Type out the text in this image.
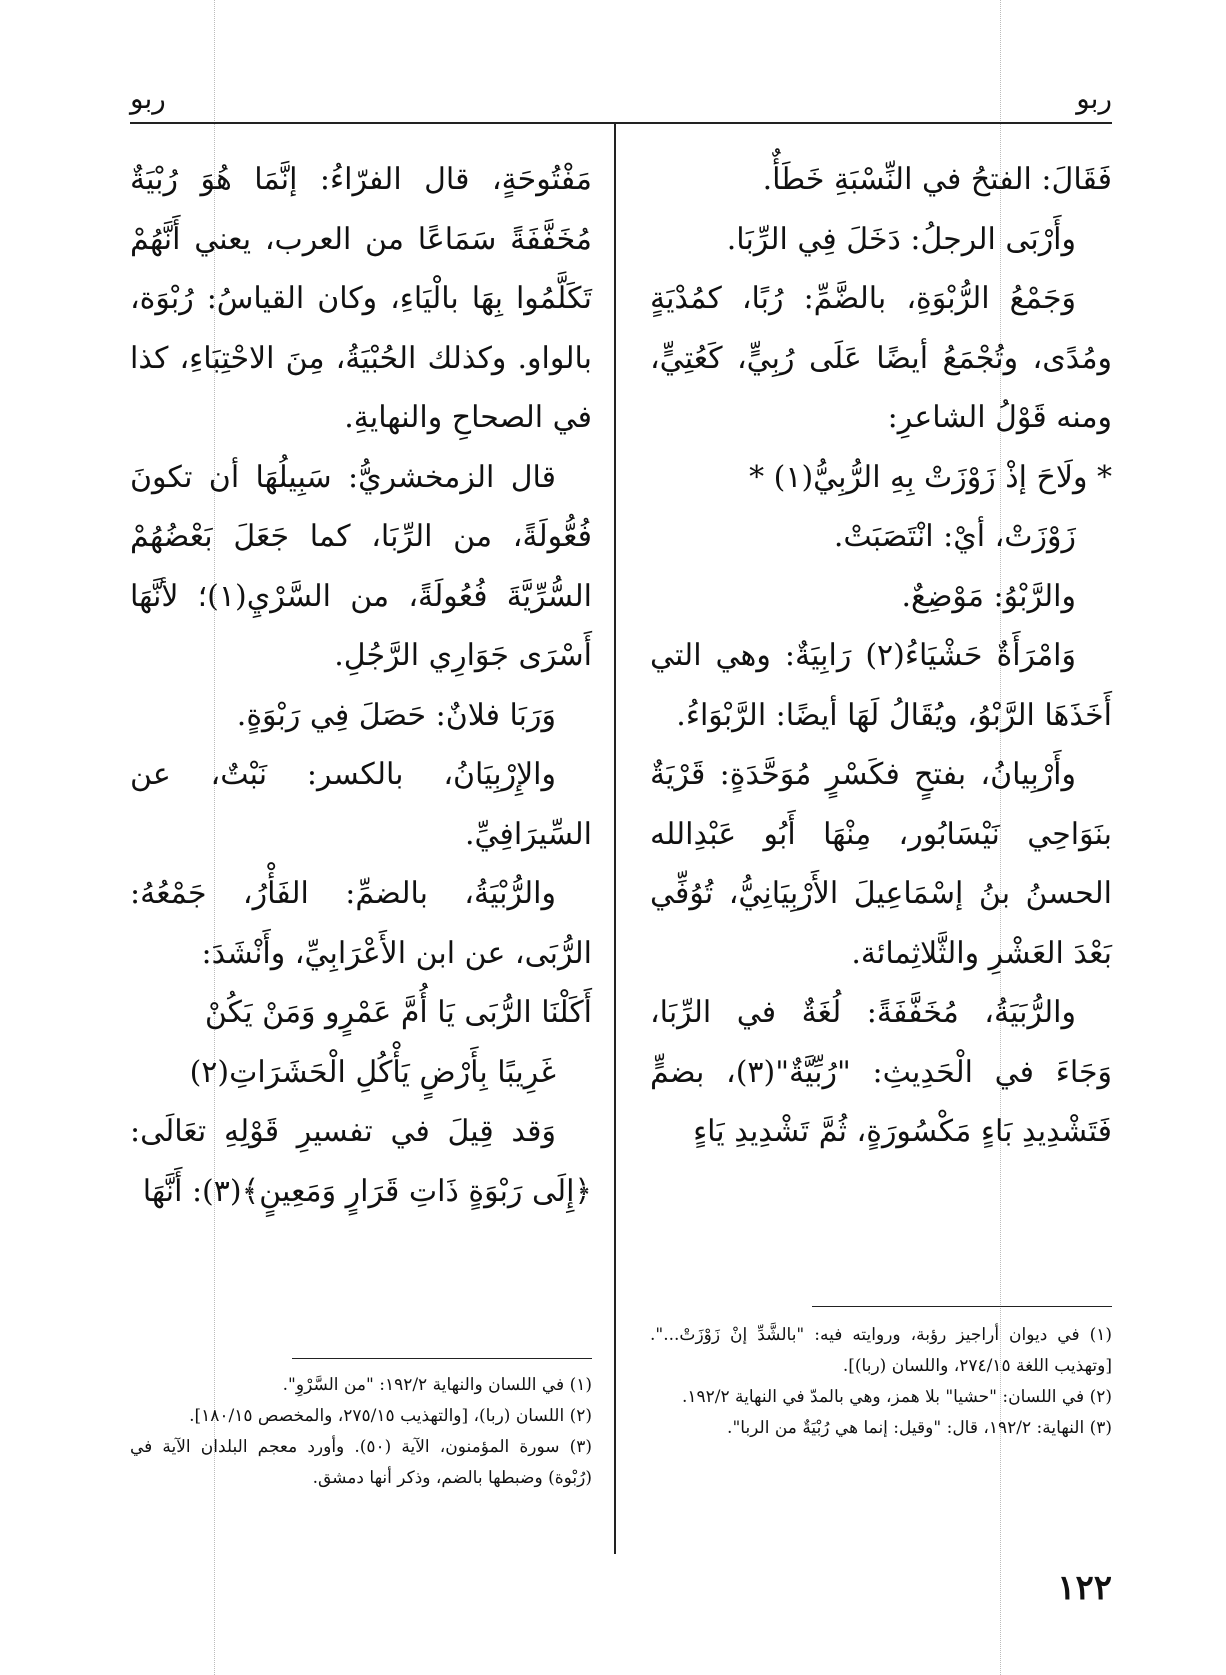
ربو
ربو

فَقَالَ: الفتحُ في النِّسْبَةِ خَطَأٌ.

وأَرْبَى الرجلُ: دَخَلَ فِي الرِّبَا.

وَجَمْعُ الرُّبْوَةِ، بالضَّمِّ: رُبًا، كمُدْيَةٍ ومُدًى، وتُجْمَعُ أيضًا عَلَى رُبِيٍّ، كَعُتِيٍّ، ومنه قَوْلُ الشاعرِ:

* ولَاحَ إذْ زَوْزَتْ بِهِ الرُّبِيُّ(١) *

زَوْزَتْ، أيْ: انْتَصَبَتْ.

والرَّبْوُ: مَوْضِعٌ.

وَامْرَأَةٌ حَشْيَاءُ(٢) رَابِيَةٌ: وهي التي أَخَذَهَا الرَّبْوُ، ويُقَالُ لَهَا أيضًا: الرَّبْوَاءُ.

وأَرْبِيانُ، بفتحٍ فكَسْرٍ مُوَحَّدَةٍ: قَرْيَةٌ بنَوَاحِي نَيْسَابُور، مِنْهَا أَبُو عَبْدِالله الحسنُ بنُ إسْمَاعِيلَ الأَرْبِيَانِيُّ، تُوُفِّي بَعْدَ العَشْرِ والثَّلاثِمائة.

والرُّبَيَةُ، مُخَفَّفَةً: لُغَةٌ في الرِّبَا، وَجَاءَ في الْحَدِيثِ: "رُبِّيَّةٌ"(٣)، بضمٍّ فَتَشْدِيدِ بَاءٍ مَكْسُورَةٍ، ثُمَّ تَشْدِيدِ يَاءٍ

مَفْتُوحَةٍ، قال الفرّاءُ: إنَّمَا هُوَ رُبْيَةٌ مُخَفَّفَةً سَمَاعًا من العرب، يعني أَنَّهُمْ تَكَلَّمُوا بِهَا بالْيَاءِ، وكان القياسُ: رُبْوَة، بالواو. وكذلك الحُبْيَةُ، مِنَ الاحْتِبَاءِ، كذا في الصحاحِ والنهايةِ.

قال الزمخشريُّ: سَبِيلُهَا أن تكونَ فُعُّولَةً، من الرِّبَا، كما جَعَلَ بَعْضُهُمْ السُّرِّيَّةَ فُعُولَةً، من السَّرْيِ(١)؛ لأنَّهَا أَسْرَى جَوَارِي الرَّجُلِ.

وَرَبَا فلانٌ: حَصَلَ فِي رَبْوَةٍ.

والإِرْبِيَانُ، بالكسر: نَبْتٌ، عن السِّيرَافِيِّ.

والرُّبْيَةُ، بالضمِّ: الفَأْرُ، جَمْعُهُ: الرُّبَى، عن ابن الأَعْرَابِيِّ، وأَنْشَدَ:

أَكَلْنَا الرُّبَى يَا أُمَّ عَمْرٍو وَمَنْ يَكُنْ

غَرِيبًا بِأَرْضٍ يَأْكُلِ الْحَشَرَاتِ(٢)

وَقد قِيلَ في تفسيرِ قَوْلِهِ تعَالَى: ﴿إِلَى رَبْوَةٍ ذَاتِ قَرَارٍ وَمَعِينٍ﴾(٣): أَنَّهَا

(١) في ديوان أراجيز رؤبة، وروايته فيه: "بالشَّدِّ إنْ زَوْزَتْ...". [وتهذيب اللغة ٢٧٤/١٥، واللسان (ربا)].

(٢) في اللسان: "حشيا" بلا همز، وهي بالمدّ في النهاية ١٩٢/٢.

(٣) النهاية: ١٩٢/٢، قال: "وقيل: إنما هي رُبْيَةٌ من الربا".

(١) في اللسان والنهاية ١٩٢/٢: "من السَّرْوِ".

(٢) اللسان (ربا)، [والتهذيب ٢٧٥/١٥، والمخصص ١٨٠/١٥].

(٣) سورة المؤمنون، الآية (٥٠). وأورد معجم البلدان الآية في (رُبْوة) وضبطها بالضم، وذكر أنها دمشق.

١٢٢
